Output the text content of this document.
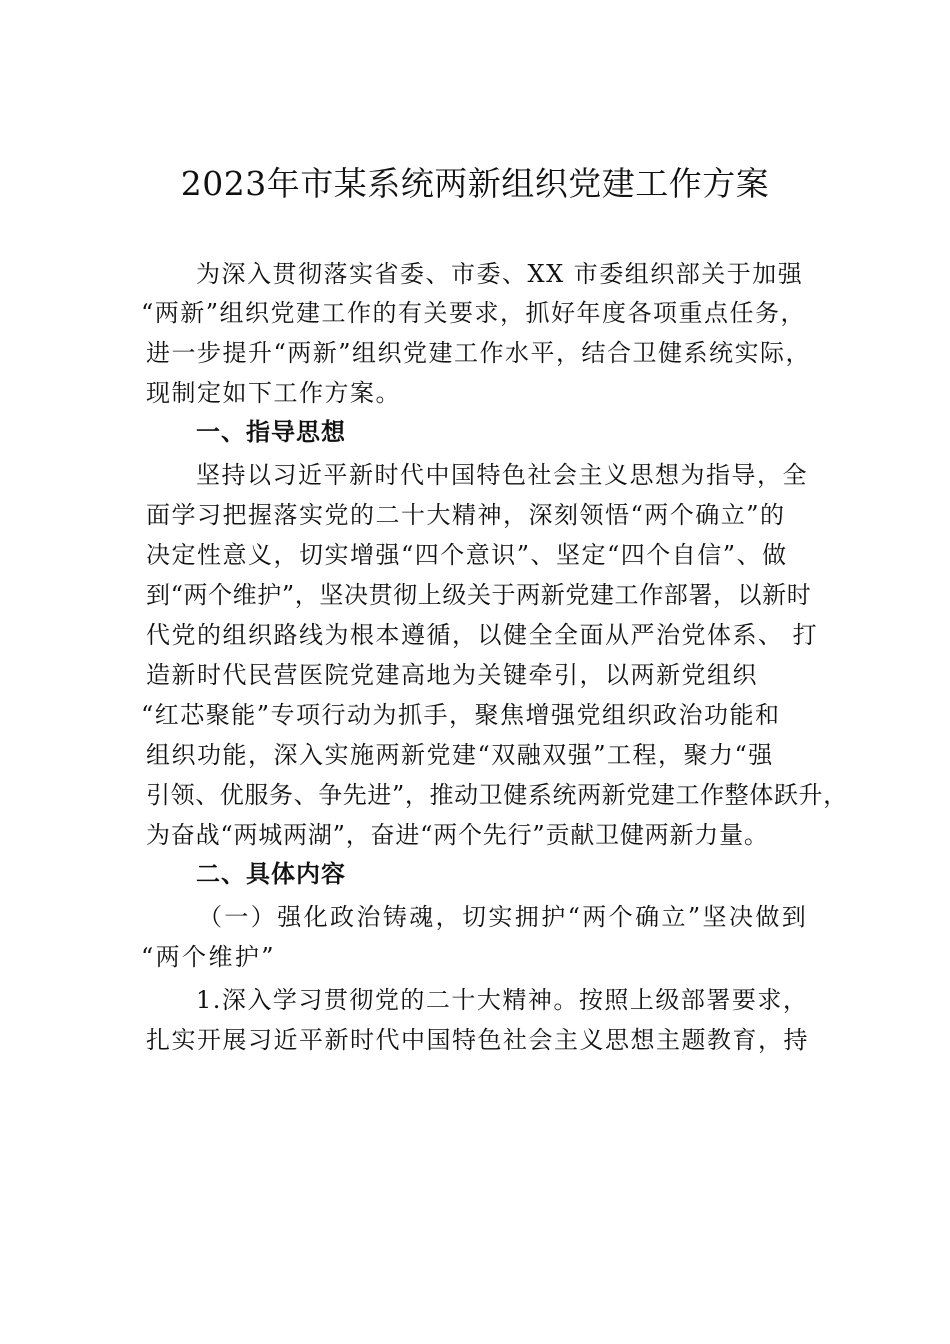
2023年市某系统两新组织党建工作方案
为深入贯彻落实省委、市委、XX 市委组织部关于加强
“两新”组织党建工作的有关要求，抓好年度各项重点任务，
进一步提升“两新”组织党建工作水平，结合卫健系统实际，
现制定如下工作方案。
一、指导思想
坚持以习近平新时代中国特色社会主义思想为指导，全
面学习把握落实党的二十大精神，深刻领悟“两个确立”的
决定性意义，切实增强“四个意识”、坚定“四个自信”、做
到“两个维护”，坚决贯彻上级关于两新党建工作部署，以新时
代党的组织路线为根本遵循，以健全全面从严治党体系、 打
造新时代民营医院党建高地为关键牵引，以两新党组织
“红芯聚能”专项行动为抓手，聚焦增强党组织政治功能和
组织功能，深入实施两新党建“双融双强”工程，聚力“强
引领、优服务、争先进”，推动卫健系统两新党建工作整体跃升，
为奋战“两城两湖”，奋进“两个先行”贡献卫健两新力量。
二、具体内容
（一）强化政治铸魂，切实拥护“两个确立”坚决做到
“两个维护”
1.深入学习贯彻党的二十大精神。按照上级部署要求，
扎实开展习近平新时代中国特色社会主义思想主题教育，持
